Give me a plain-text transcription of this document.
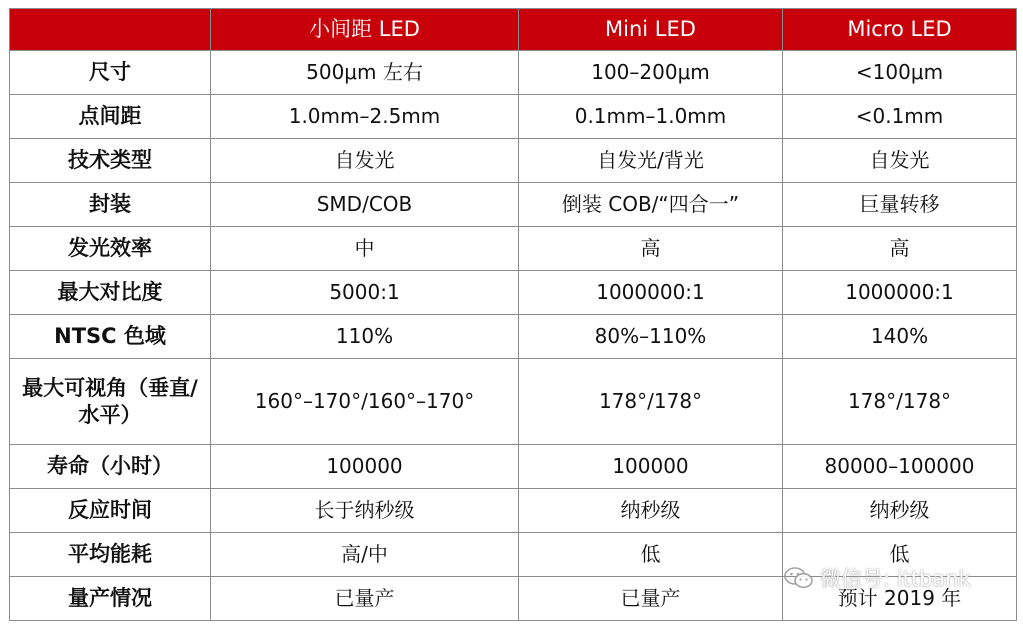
	小间距 LED	Mini LED	Micro LED
尺寸	500μm 左右	100–200μm	<100μm
点间距	1.0mm–2.5mm	0.1mm–1.0mm	<0.1mm
技术类型	自发光	自发光/背光	自发光
封装	SMD/COB	倒装 COB/“四合一”	巨量转移
发光效率	中	高	高
最大对比度	5000:1	1000000:1	1000000:1
NTSC 色域	110%	80%–110%	140%
最大可视角（垂直/水平）	160°–170°/160°–170°	178°/178°	178°/178°
寿命（小时）	100000	100000	80000–100000
反应时间	长于纳秒级	纳秒级	纳秒级
平均能耗	高/中	低	低
量产情况	已量产	已量产	预计 2019 年
微信号: ittbank
